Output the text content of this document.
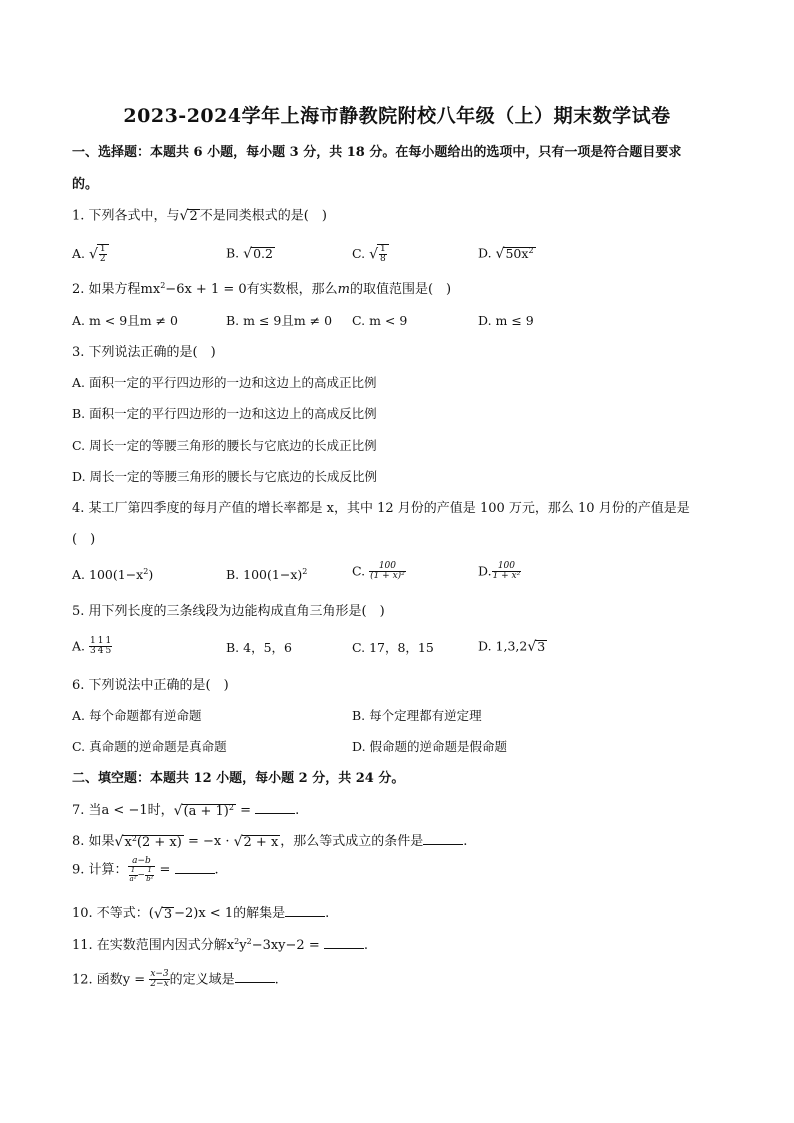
2023-2024学年上海市静教院附校八年级（上）期末数学试卷
一、选择题：本题共 6 小题，每小题 3 分，共 18 分。在每小题给出的选项中，只有一项是符合题目要求
的。
1. 下列各式中，与√2 不是同类根式的是(　)
A. √ $\frac{1}{2}$	B. √0.2	C. √ $\frac{1}{8}$	D. $√50x^2$
2. 如果方程$mx^2-6x + 1 = 0$有实数根，那么m的取值范围是(　)
A. m < 9且m ≠ 0	B. m ≤ 9且m ≠ 0 C. m < 9	D. m ≤ 9
3. 下列说法正确的是(　)
A. 面积一定的平行四边形的一边和这边上的高成正比例
B. 面积一定的平行四边形的一边和这边上的高成反比例
C. 周长一定的等腰三角形的腰长与它底边的长成正比例
D. 周长一定的等腰三角形的腰长与它底边的长成反比例
4. 某工厂第四季度的每月产值的增长率都是 x，其中 12 月份的产值是 100 万元，那么 10 月份的产值是是
(　)
A. $100(1-x^2)$	B. $100(1-x)^2$	C. $\frac{100}{\text{(1 + x)²}}$	D. $\frac{100}{\text{1 + x²}}$
5. 用下列长度的三条线段为边能构成直角三角形是(　)
A. $\frac{1}{3} \frac{1}{4} \frac{1}{5}$	B. 4，5，6	C. 17，8，15	D. 1,3,2√3
6. 下列说法中正确的是(　)
A. 每个命题都有逆命题	B. 每个定理都有逆定理
C. 真命题的逆命题是真命题	D. 假命题的逆命题是假命题
二、填空题：本题共 12 小题，每小题 2 分，共 24 分。
7. 当a < −1时，$√(a + 1)^2$ =	.
8. 如果$√x^2(2 + x) = -x \cdot √2 + x$ ，那么等式成立的条件是	.
9. 计算： $\frac{a-b}{\frac{1}{\text{a²}} - \frac{1}{\text{b²}}}$ =	.
10. 不等式：(√3 −2)x < 1的解集是	.
11. 在实数范围内因式分解$x^2y^2-3xy-2$ =	.
12. 函数$y = \frac{x-3}{2-x}$ 的定义域是	.
